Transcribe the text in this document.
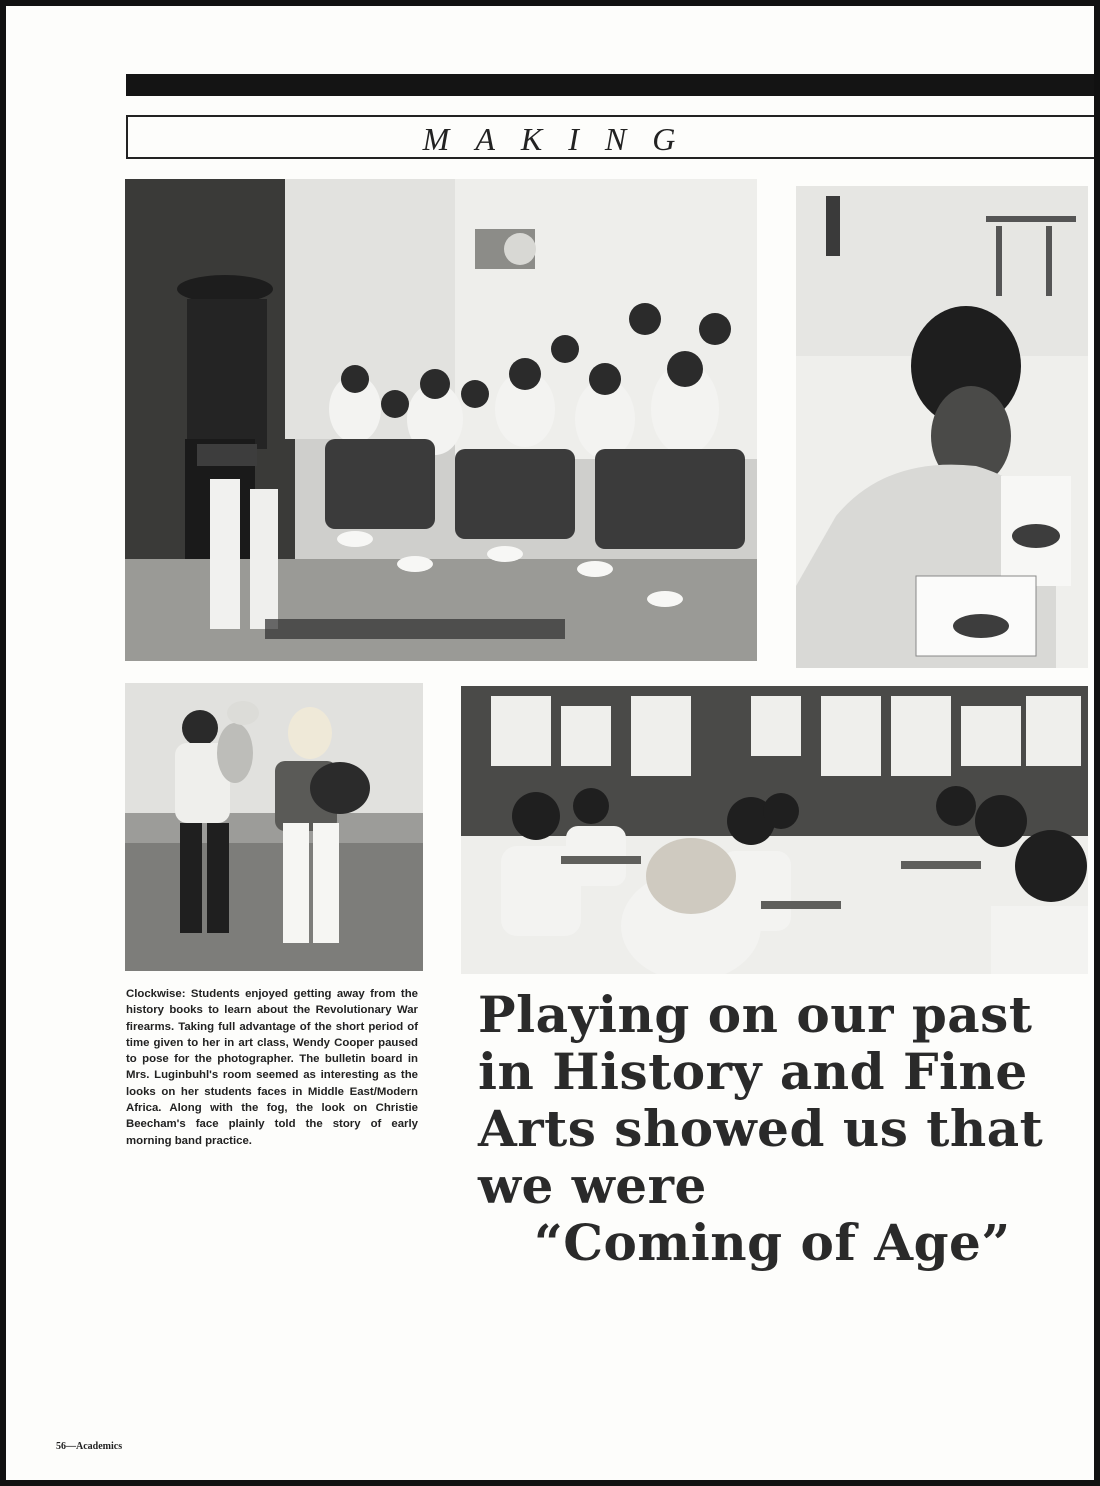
MAKING
Clockwise: Students enjoyed getting away from the history books to learn about the Revolutionary War firearms. Taking full advantage of the short period of time given to her in art class, Wendy Cooper paused to pose for the photographer. The bulletin board in Mrs. Luginbuhl's room seemed as interesting as the looks on her students faces in Middle East/Modern Africa. Along with the fog, the look on Christie Beecham's face plainly told the story of early morning band practice.
Playing on our past
in History and Fine
Arts showed us that
we were
“Coming of Age”
56—Academics
